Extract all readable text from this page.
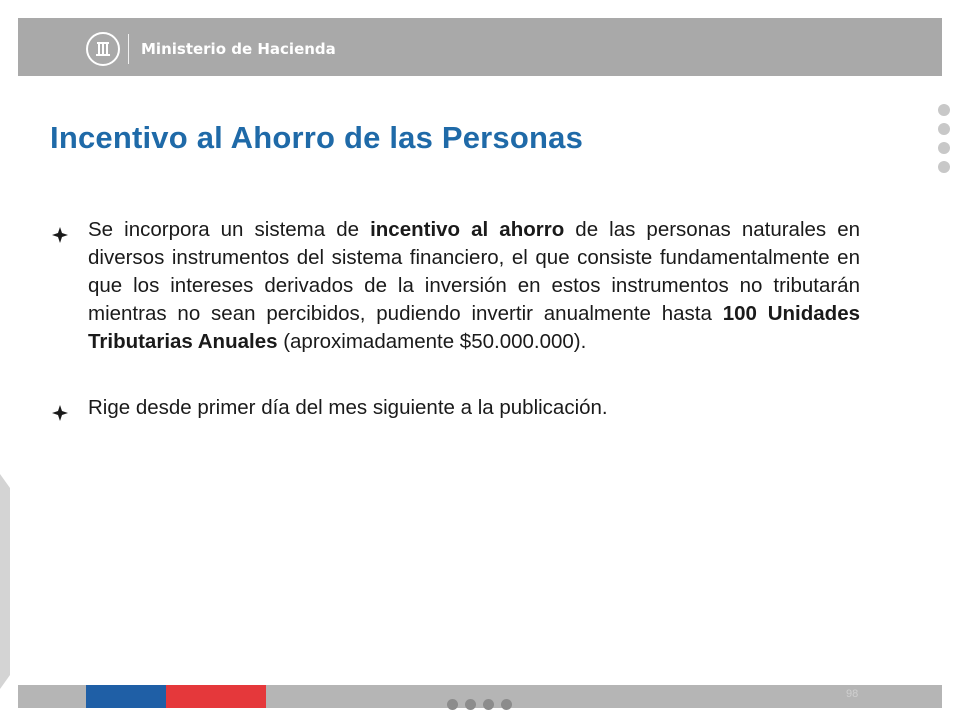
Ministerio de Hacienda
Incentivo al Ahorro de las Personas
Se incorpora un sistema de incentivo al ahorro de las personas naturales en diversos instrumentos del sistema financiero, el que consiste fundamentalmente en que los intereses derivados de la inversión en estos instrumentos no tributarán mientras no sean percibidos, pudiendo invertir anualmente hasta 100 Unidades Tributarias Anuales (aproximadamente $50.000.000).
Rige desde primer día del mes siguiente a la publicación.
98
